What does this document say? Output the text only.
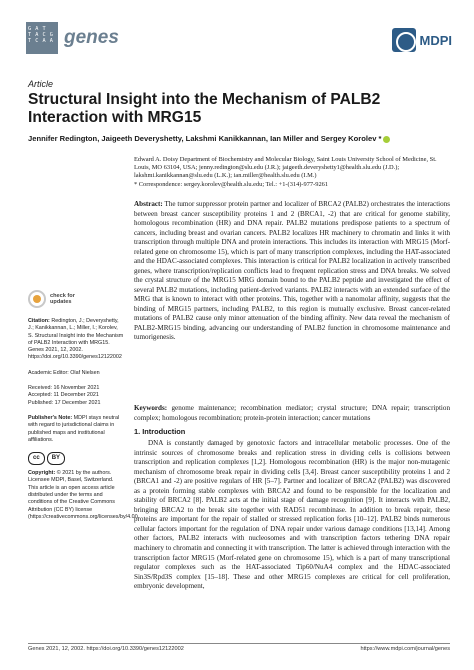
G A T
T A C G
T C A A genes	MDPI
Article
Structural Insight into the Mechanism of PALB2 Interaction with MRG15
Jennifer Redington, Jaigeeth Deveryshetty, Lakshmi Kanikkannan, Ian Miller and Sergey Korolev *
Edward A. Doisy Department of Biochemistry and Molecular Biology, Saint Louis University School of Medicine, St. Louis, MO 63104, USA; jenny.redington@slu.edu (J.R.); jaigeeth.deveryshetty1@health.slu.edu (J.D.); lakshmi.kanikkannan@slu.edu (L.K.); ian.miller@health.slu.edu (I.M.)
* Correspondence: sergey.korolev@health.slu.edu; Tel.: +1-(314)-977-9261
Abstract: The tumor suppressor protein partner and localizer of BRCA2 (PALB2) orchestrates the interactions between breast cancer susceptibility proteins 1 and 2 (BRCA1, -2) that are critical for genome stability, homologous recombination (HR) and DNA repair. PALB2 mutations predispose patients to a spectrum of cancers, including breast and ovarian cancers. PALB2 localizes HR machinery to chromatin and links it with transcription through multiple DNA and protein interactions. This includes its interaction with MRG15 (Morf-related gene on chromosome 15), which is part of many transcription complexes, including the HAT-associated and the HDAC-associated complexes. This interaction is critical for PALB2 localization in actively transcribed genes, where transcription/replication conflicts lead to frequent replication stress and DNA breaks. We solved the crystal structure of the MRG15 MRG domain bound to the PALB2 peptide and investigated the effect of several PALB2 mutations, including patient-derived variants. PALB2 interacts with an extended surface of the MRG that is known to interact with other proteins. This, together with a nanomolar affinity, suggests that the binding of MRG15 partners, including PALB2, to this region is mutually exclusive. Breast cancer-related mutations of PALB2 cause only minor attenuation of the binding affinity. New data reveal the mechanism of PALB2-MRG15 binding, advancing our understanding of PALB2 function in chromosome maintenance and tumorigenesis.
Keywords: genome maintenance; recombination mediator; crystal structure; DNA repair; transcription complex; homologous recombination; protein-protein interaction; cancer mutations
1. Introduction
DNA is constantly damaged by genotoxic factors and intracellular metabolic processes. One of the intrinsic sources of chromosome breaks and replication stress in dividing cells is collisions between transcription and replication complexes [1,2]. Homologous recombination (HR) is the major non-mutagenic mechanism of chromosome break repair in dividing cells [3,4]. Breast cancer susceptibility proteins 1 and 2 (BRCA1 and -2) are positive regulars of HR [5–7]. Partner and localizer of BRCA2 (PALB2) was discovered as a protein forming stable complexes with BRCA2 and found to be responsible for the localization and stability of BRCA2 [8]. PALB2 acts at the initial stage of damage recognition [9]. It interacts with PALB2, bringing BRCA2 to the break site together with RAD51 recombinase. In addition to break repair, these proteins are important for the repair of stalled or stressed replication forks [10–12]. PALB2 binds numerous cellular factors important for the regulation of DNA repair under various damage conditions [13,14]. Among other factors, PALB2 interacts with nucleosomes and with transcription factors tethering DNA repair machinery to chromatin and connecting it with transcription. The latter is achieved through interaction with the transcription factor MRG15 (Morf-related gene on chromosome 15), which is a part of many transcriptional regulator complexes such as the HAT-associated Tip60/NuA4 complex and the HDAC-associated Sin3S/Rpd3S complex [15–18]. These and other MRG15 complexes are critical for cell proliferation, embryonic development,
check for
updates
Citation: Redington, J.; Deveryshetty, J.; Kanikkannan, L.; Miller, I.; Korolev, S. Structural Insight into the Mechanism of PALB2 Interaction with MRG15. Genes 2021, 12, 2002. https://doi.org/10.3390/genes12122002
Academic Editor: Olaf Nielsen
Received: 16 November 2021
Accepted: 11 December 2021
Published: 17 December 2021
Publisher's Note: MDPI stays neutral with regard to jurisdictional claims in published maps and institutional affiliations.
cc	BY
Copyright: © 2021 by the authors. Licensee MDPI, Basel, Switzerland. This article is an open access article distributed under the terms and conditions of the Creative Commons Attribution (CC BY) license (https://creativecommons.org/licenses/by/4.0/).
Genes 2021, 12, 2002. https://doi.org/10.3390/genes12122002	https://www.mdpi.com/journal/genes
